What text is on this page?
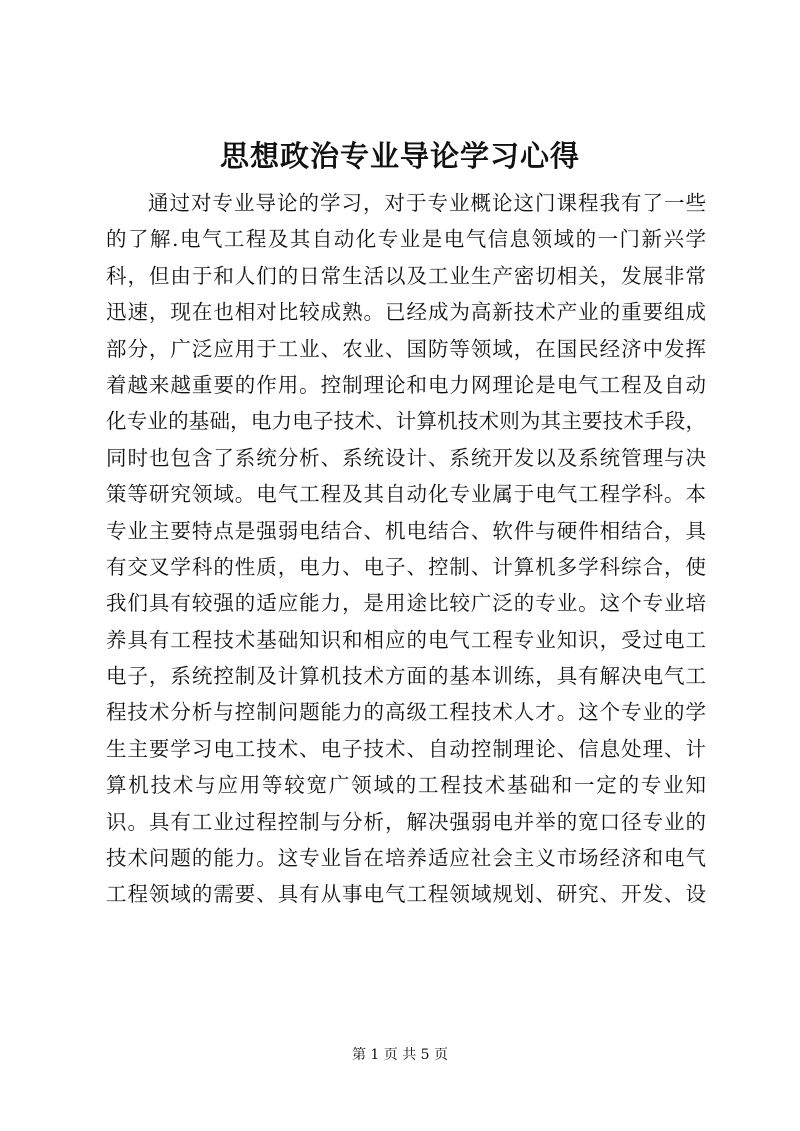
思想政治专业导论学习心得
通过对专业导论的学习，对于专业概论这门课程我有了一些
的了解.电气工程及其自动化专业是电气信息领域的一门新兴学
科，但由于和人们的日常生活以及工业生产密切相关，发展非常
迅速，现在也相对比较成熟。已经成为高新技术产业的重要组成
部分，广泛应用于工业、农业、国防等领域，在国民经济中发挥
着越来越重要的作用。控制理论和电力网理论是电气工程及自动
化专业的基础，电力电子技术、计算机技术则为其主要技术手段，
同时也包含了系统分析、系统设计、系统开发以及系统管理与决
策等研究领域。电气工程及其自动化专业属于电气工程学科。本
专业主要特点是强弱电结合、机电结合、软件与硬件相结合，具
有交叉学科的性质，电力、电子、控制、计算机多学科综合，使
我们具有较强的适应能力，是用途比较广泛的专业。这个专业培
养具有工程技术基础知识和相应的电气工程专业知识，受过电工
电子，系统控制及计算机技术方面的基本训练，具有解决电气工
程技术分析与控制问题能力的高级工程技术人才。这个专业的学
生主要学习电工技术、电子技术、自动控制理论、信息处理、计
算机技术与应用等较宽广领域的工程技术基础和一定的专业知
识。具有工业过程控制与分析，解决强弱电并举的宽口径专业的
技术问题的能力。这专业旨在培养适应社会主义市场经济和电气
工程领域的需要、具有从事电气工程领域规划、研究、开发、设
第 1 页 共 5 页
